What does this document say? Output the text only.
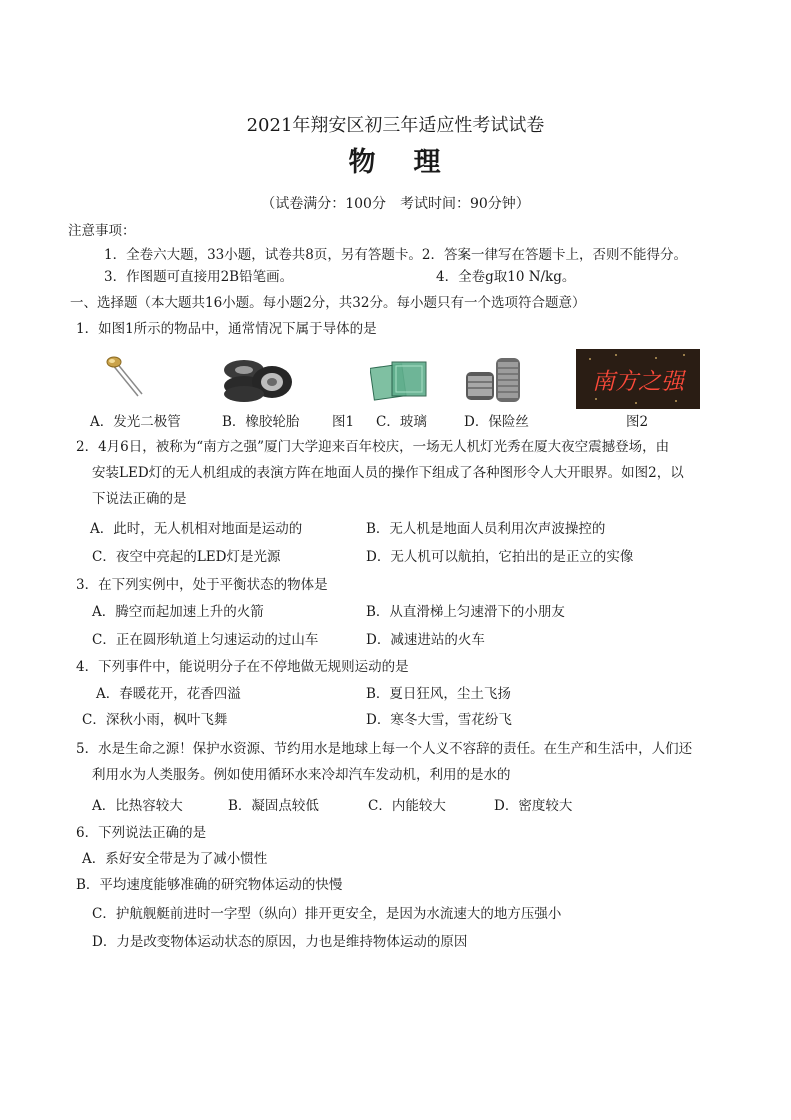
2021年翔安区初三年适应性考试试卷
物 理
（试卷满分：100分　考试时间：90分钟）
注意事项：
1．全卷六大题，33小题，试卷共8页，另有答题卡。2．答案一律写在答题卡上，否则不能得分。
3．作图题可直接用2B铅笔画。	4．全卷g取10 N/kg。
一、选择题（本大题共16小题。每小题2分，共32分。每小题只有一个选项符合题意）
1．如图1所示的物品中，通常情况下属于导体的是
南方之强
A．发光二极管	B．橡胶轮胎 图1 C．玻璃	D．保险丝	图2
2．4月6日，被称为“南方之强”厦门大学迎来百年校庆，一场无人机灯光秀在厦大夜空震撼登场，由
安装LED灯的无人机组成的表演方阵在地面人员的操作下组成了各种图形令人大开眼界。如图2，以
下说法正确的是
A．此时，无人机相对地面是运动的	B．无人机是地面人员利用次声波操控的
C．夜空中亮起的LED灯是光源	D．无人机可以航拍，它拍出的是正立的实像
3．在下列实例中，处于平衡状态的物体是
A．腾空而起加速上升的火箭	B．从直滑梯上匀速滑下的小朋友
C．正在圆形轨道上匀速运动的过山车	D．减速进站的火车
4．下列事件中，能说明分子在不停地做无规则运动的是
A．春暖花开，花香四溢	B．夏日狂风，尘土飞扬
C．深秋小雨，枫叶飞舞	D．寒冬大雪，雪花纷飞
5．水是生命之源！保护水资源、节约用水是地球上每一个人义不容辞的责任。在生产和生活中，人们还
利用水为人类服务。例如使用循环水来冷却汽车发动机，利用的是水的
A．比热容较大	B．凝固点较低	C．内能较大	D．密度较大
6．下列说法正确的是
A．系好安全带是为了减小惯性
B．平均速度能够准确的研究物体运动的快慢
C．护航舰艇前进时一字型（纵向）排开更安全，是因为水流速大的地方压强小
D．力是改变物体运动状态的原因，力也是维持物体运动的原因
